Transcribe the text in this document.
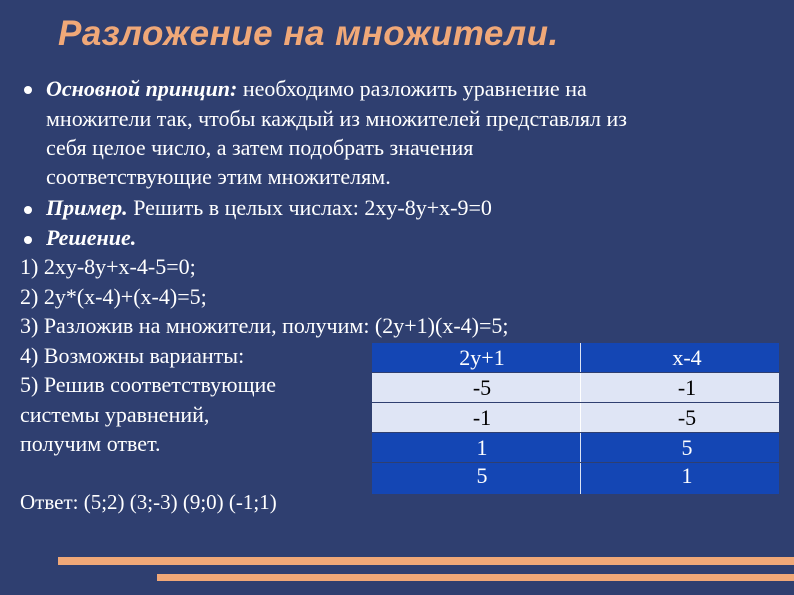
Разложение на множители.
Основной принцип: необходимо разложить уравнение на
множители так, чтобы каждый из множителей представлял из
себя целое число, а затем подобрать значения
соответствующие этим множителям.
Пример. Решить в целых числах: 2xy-8y+x-9=0
Решение.
1) 2xy-8y+x-4-5=0;
2) 2y*(x-4)+(x-4)=5;
3) Разложив на множители, получим: (2y+1)(x-4)=5;
4) Возможны варианты:
5) Решив соответствующие
системы уравнений,
получим ответ.
Ответ: (5;2) (3;-3) (9;0) (-1;1)
2y+1	x-4
-5	-1
-1	-5
1	5
5	1
